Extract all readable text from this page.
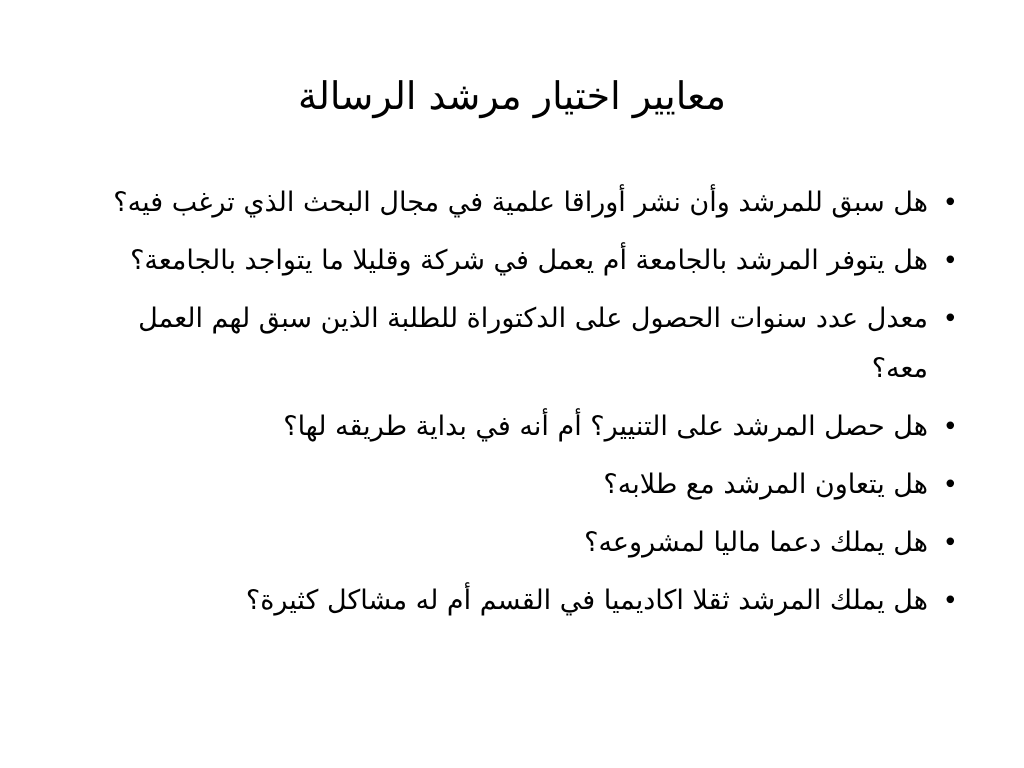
معايير اختيار مرشد الرسالة
•
هل سبق للمرشد وأن نشر أوراقا علمية في مجال البحث الذي ترغب فيه؟
•
هل يتوفر المرشد بالجامعة أم يعمل في شركة وقليلا ما يتواجد بالجامعة؟
•
معدل عدد سنوات الحصول على الدكتوراة للطلبة الذين سبق لهم العمل معه؟
•
هل حصل المرشد على التنيير؟ أم أنه في بداية طريقه لها؟
•
هل يتعاون المرشد مع طلابه؟
•
هل يملك دعما ماليا لمشروعه؟
•
هل يملك المرشد ثقلا اكاديميا في القسم أم له مشاكل كثيرة؟
